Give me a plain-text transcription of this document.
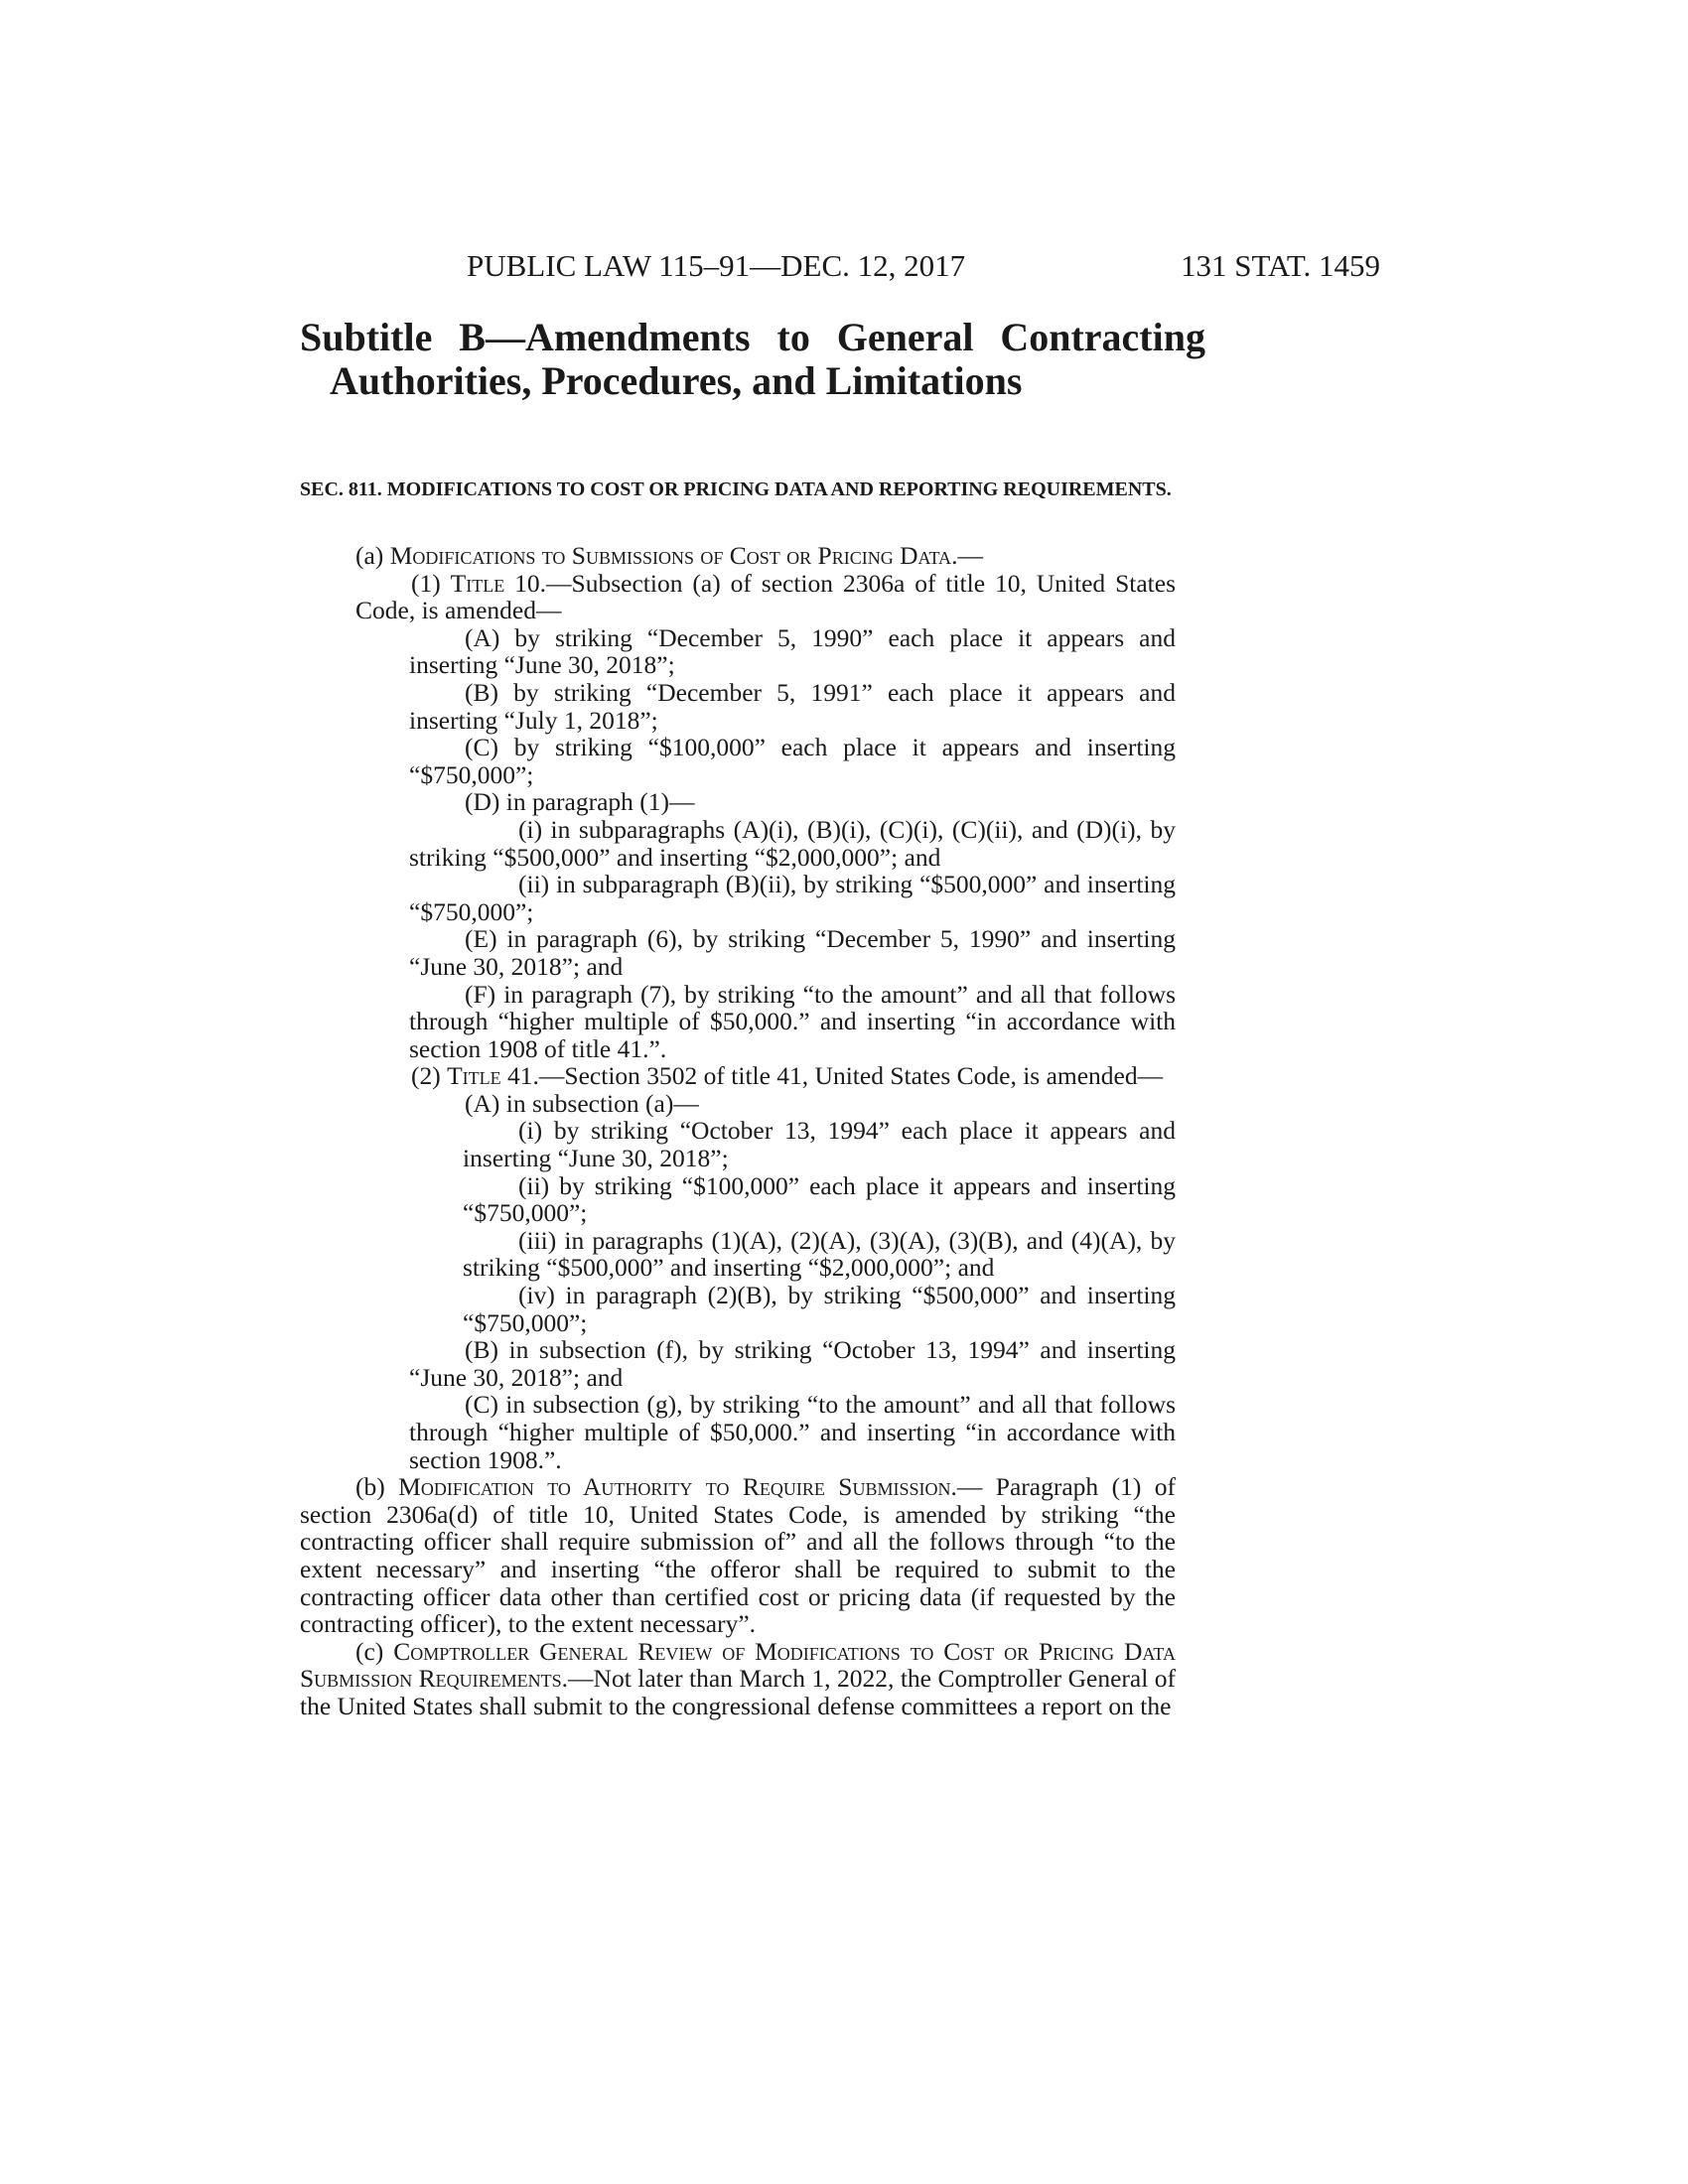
PUBLIC LAW 115–91—DEC. 12, 2017	131 STAT. 1459
Subtitle B—Amendments to General Contracting Authorities, Procedures, and Limitations
SEC. 811. MODIFICATIONS TO COST OR PRICING DATA AND REPORTING REQUIREMENTS.

(a) Modifications to Submissions of Cost or Pricing Data.—

(1) Title 10.—Subsection (a) of section 2306a of title 10, United States Code, is amended—

(A) by striking “December 5, 1990” each place it appears and inserting “June 30, 2018”;

(B) by striking “December 5, 1991” each place it appears and inserting “July 1, 2018”;

(C) by striking “$100,000” each place it appears and inserting “$750,000”;

(D) in paragraph (1)—

(i) in subparagraphs (A)(i), (B)(i), (C)(i), (C)(ii), and (D)(i), by striking “$500,000” and inserting “$2,000,000”; and

(ii) in subparagraph (B)(ii), by striking “$500,000” and inserting “$750,000”;

(E) in paragraph (6), by striking “December 5, 1990” and inserting “June 30, 2018”; and

(F) in paragraph (7), by striking “to the amount” and all that follows through “higher multiple of $50,000.” and inserting “in accordance with section 1908 of title 41.”.

(2) Title 41.—Section 3502 of title 41, United States Code, is amended—

(A) in subsection (a)—

(i) by striking “October 13, 1994” each place it appears and inserting “June 30, 2018”;

(ii) by striking “$100,000” each place it appears and inserting “$750,000”;

(iii) in paragraphs (1)(A), (2)(A), (3)(A), (3)(B), and (4)(A), by striking “$500,000” and inserting “$2,000,000”; and

(iv) in paragraph (2)(B), by striking “$500,000” and inserting “$750,000”;

(B) in subsection (f), by striking “October 13, 1994” and inserting “June 30, 2018”; and

(C) in subsection (g), by striking “to the amount” and all that follows through “higher multiple of $50,000.” and inserting “in accordance with section 1908.”.

(b) Modification to Authority to Require Submission.— Paragraph (1) of section 2306a(d) of title 10, United States Code, is amended by striking “the contracting officer shall require submission of” and all the follows through “to the extent necessary” and inserting “the offeror shall be required to submit to the contracting officer data other than certified cost or pricing data (if requested by the contracting officer), to the extent necessary”.

(c) Comptroller General Review of Modifications to Cost or Pricing Data Submission Requirements.—Not later than March 1, 2022, the Comptroller General of the United States shall submit to the congressional defense committees a report on the
